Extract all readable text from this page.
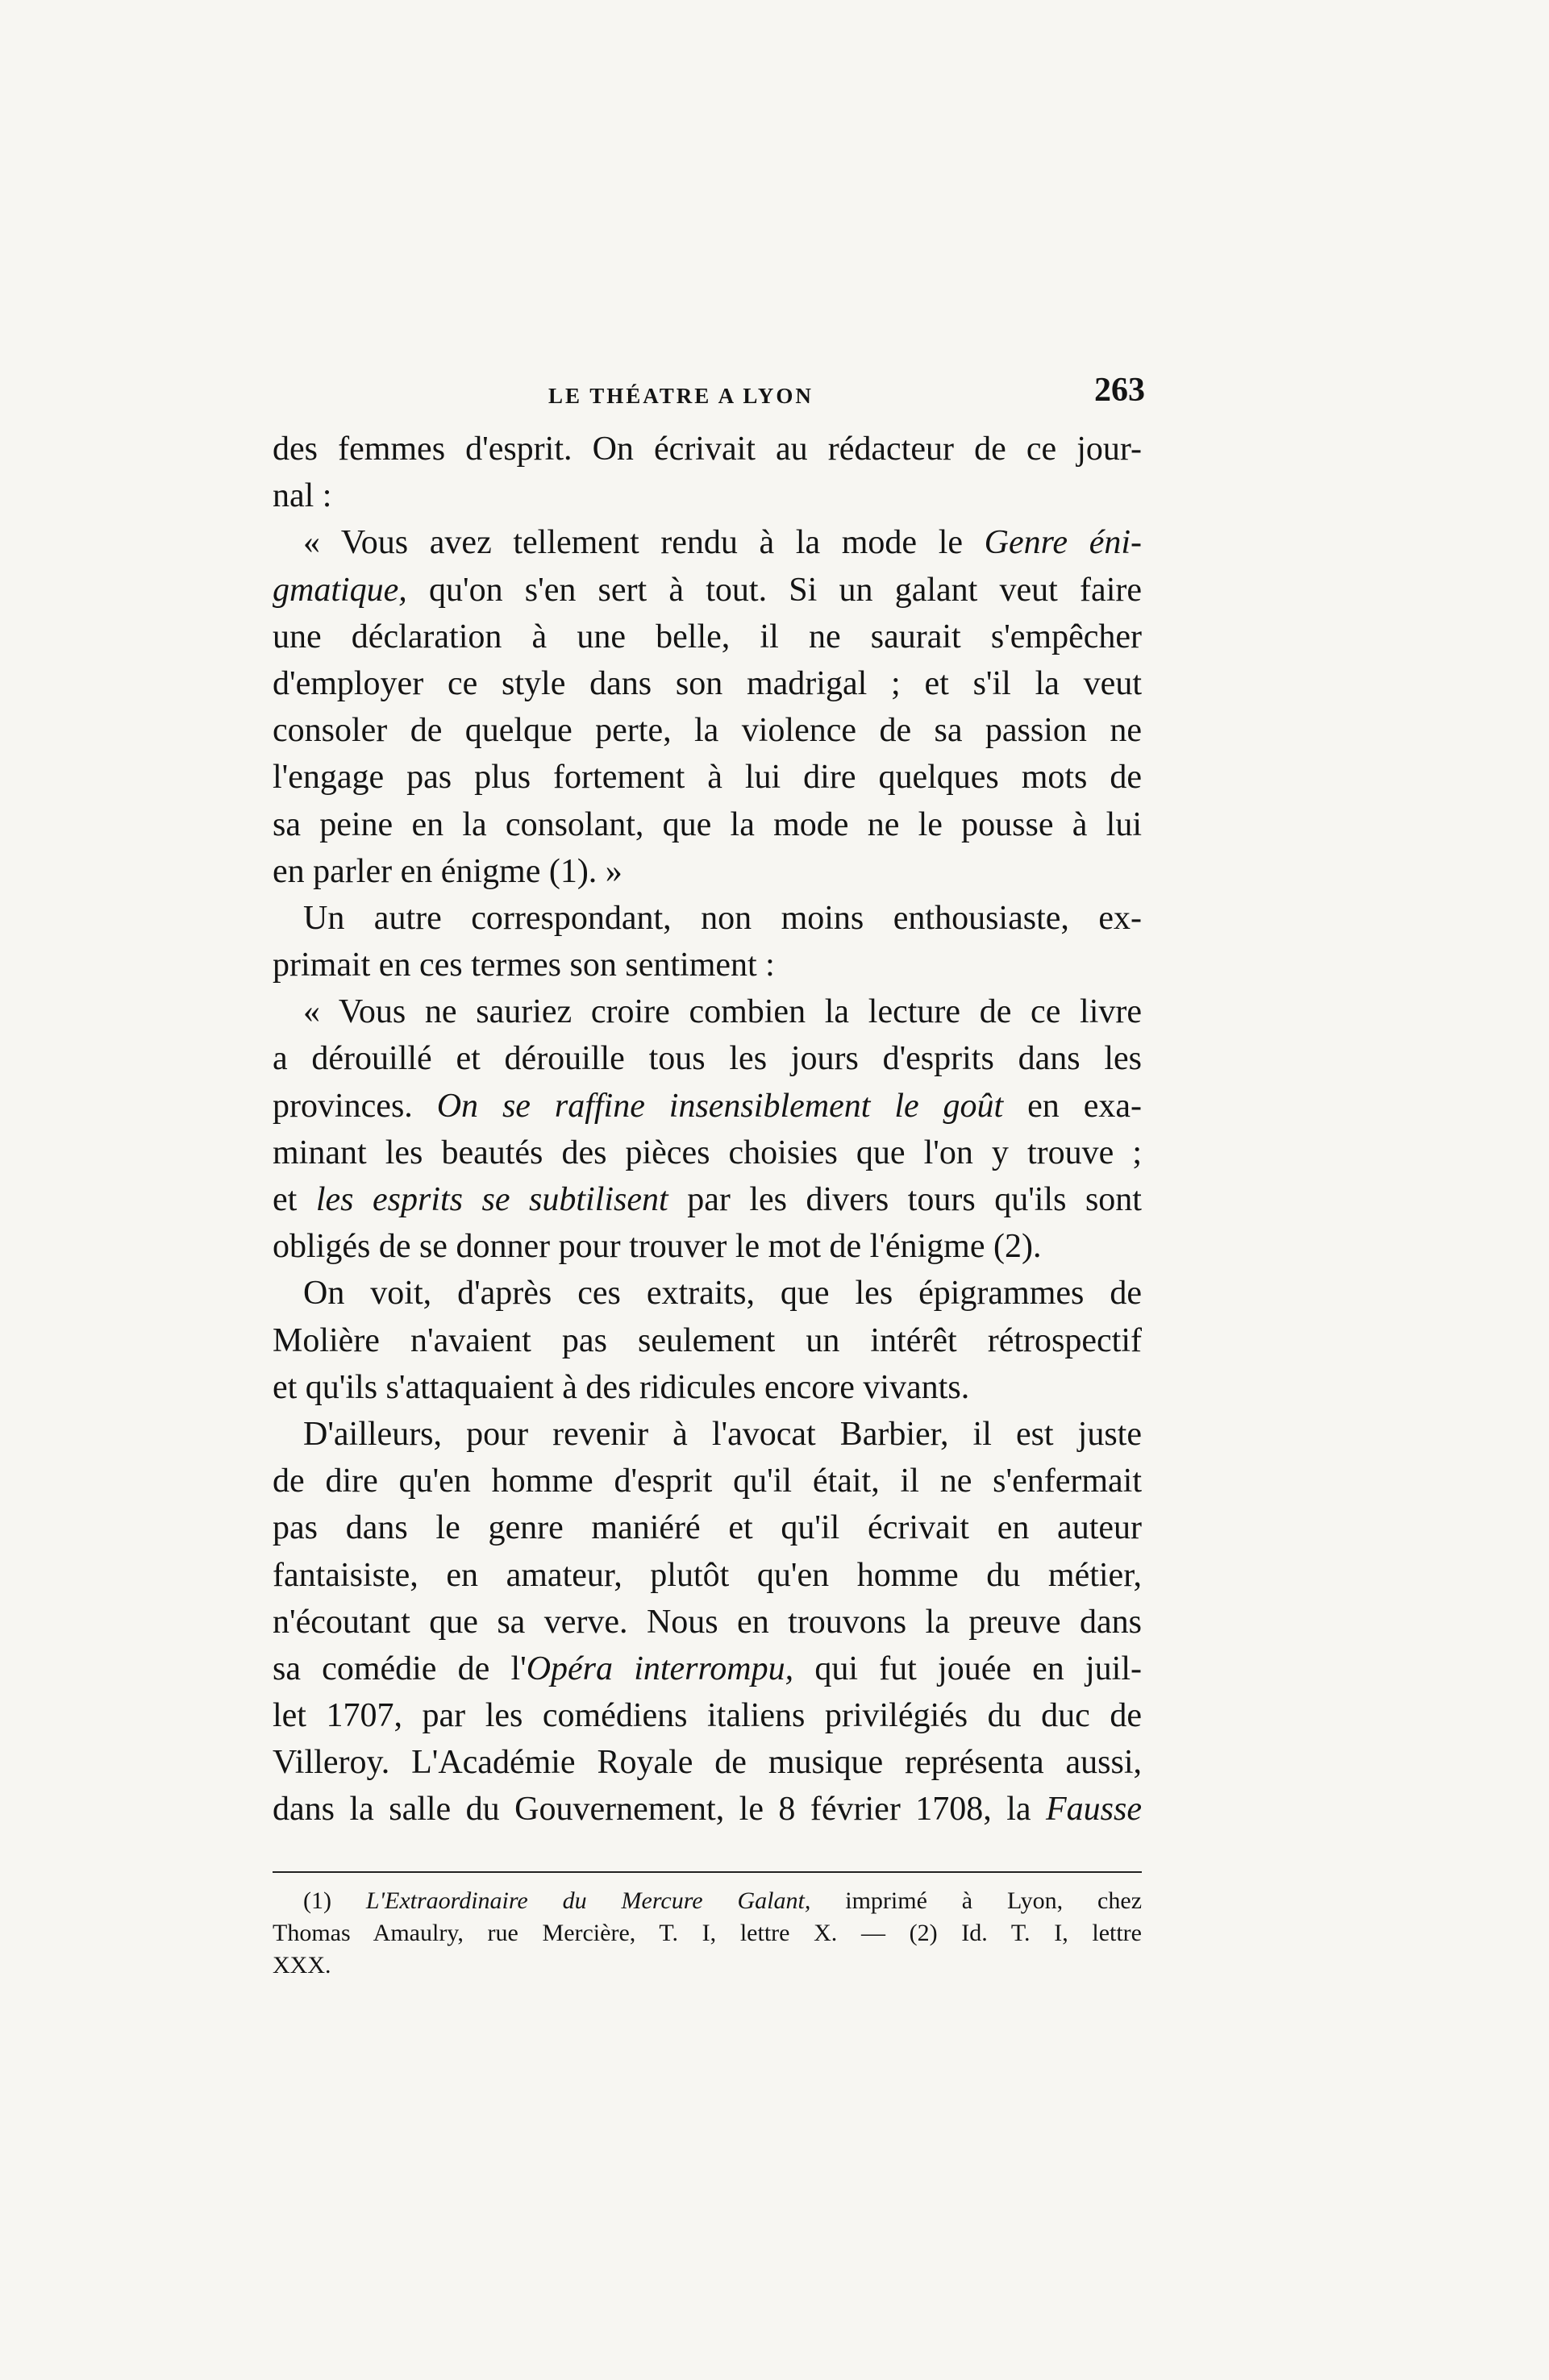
LE THÉATRE A LYON	263
des femmes d'esprit. On écrivait au rédacteur de ce jour-
nal :
« Vous avez tellement rendu à la mode le Genre éni-
gmatique, qu'on s'en sert à tout. Si un galant veut faire
une déclaration à une belle, il ne saurait s'empêcher
d'employer ce style dans son madrigal ; et s'il la veut
consoler de quelque perte, la violence de sa passion ne
l'engage pas plus fortement à lui dire quelques mots de
sa peine en la consolant, que la mode ne le pousse à lui
en parler en énigme (1). »
Un autre correspondant, non moins enthousiaste, ex-
primait en ces termes son sentiment :
« Vous ne sauriez croire combien la lecture de ce livre
a dérouillé et dérouille tous les jours d'esprits dans les
provinces. On se raffine insensiblement le goût en exa-
minant les beautés des pièces choisies que l'on y trouve ;
et les esprits se subtilisent par les divers tours qu'ils sont
obligés de se donner pour trouver le mot de l'énigme (2).
On voit, d'après ces extraits, que les épigrammes de
Molière n'avaient pas seulement un intérêt rétrospectif
et qu'ils s'attaquaient à des ridicules encore vivants.
D'ailleurs, pour revenir à l'avocat Barbier, il est juste
de dire qu'en homme d'esprit qu'il était, il ne s'enfermait
pas dans le genre maniéré et qu'il écrivait en auteur
fantaisiste, en amateur, plutôt qu'en homme du métier,
n'écoutant que sa verve. Nous en trouvons la preuve dans
sa comédie de l'Opéra interrompu, qui fut jouée en juil-
let 1707, par les comédiens italiens privilégiés du duc de
Villeroy. L'Académie Royale de musique représenta aussi,
dans la salle du Gouvernement, le 8 février 1708, la Fausse
(1) L'Extraordinaire du Mercure Galant, imprimé à Lyon, chez
Thomas Amaulry, rue Mercière, T. I, lettre X. — (2) Id. T. I, lettre
XXX.
